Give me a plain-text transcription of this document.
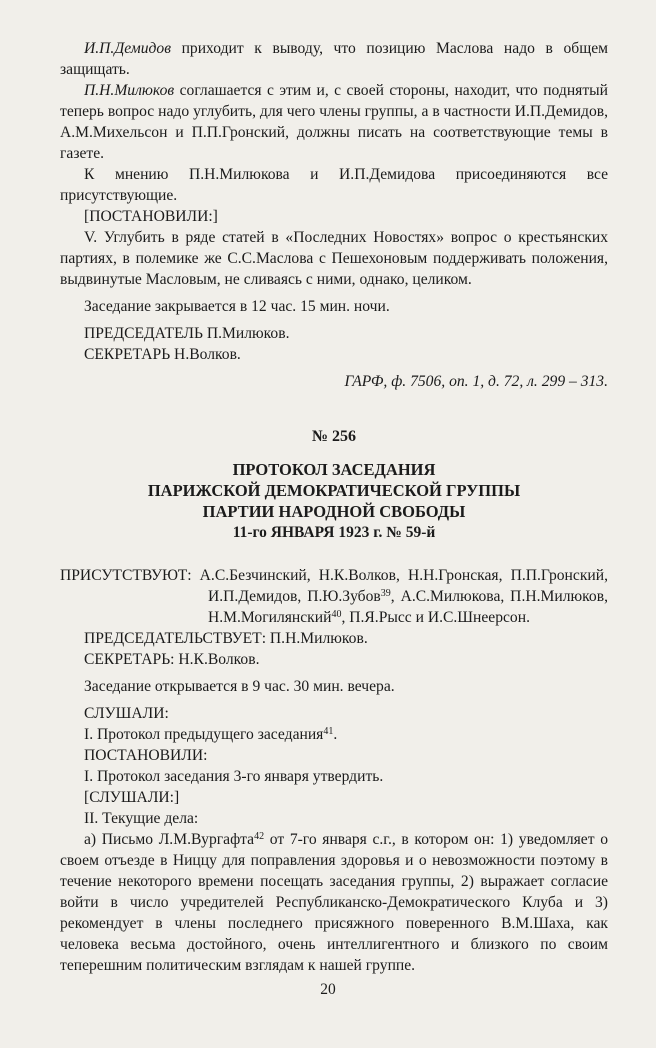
И.П.Демидов приходит к выводу, что позицию Маслова надо в общем защищать.

П.Н.Милюков соглашается с этим и, с своей стороны, находит, что поднятый теперь вопрос надо углубить, для чего члены группы, а в частности И.П.Демидов, А.М.Михельсон и П.П.Гронский, должны писать на соответствующие темы в газете.

К мнению П.Н.Милюкова и И.П.Демидова присоединяются все присутствующие.

[ПОСТАНОВИЛИ:]

V. Углубить в ряде статей в «Последних Новостях» вопрос о крестьянских партиях, в полемике же С.С.Маслова с Пешехоновым поддерживать положения, выдвинутые Масловым, не сливаясь с ними, однако, целиком.

Заседание закрывается в 12 час. 15 мин. ночи.

ПРЕДСЕДАТЕЛЬ П.Милюков.

СЕКРЕТАРЬ Н.Волков.

ГАРФ, ф. 7506, оп. 1, д. 72, л. 299 – 313.

№ 256
ПРОТОКОЛ ЗАСЕДАНИЯ
ПАРИЖСКОЙ ДЕМОКРАТИЧЕСКОЙ ГРУППЫ
ПАРТИИ НАРОДНОЙ СВОБОДЫ
11-го ЯНВАРЯ 1923 г. № 59-й

ПРИСУТСТВУЮТ: А.С.Безчинский, Н.К.Волков, Н.Н.Гронская, П.П.Гронский, И.П.Демидов, П.Ю.Зубов$^{39}$, А.С.Милюкова, П.Н.Милюков, Н.М.Могилянский$^{40}$, П.Я.Рысс и И.С.Шнеерсон.

ПРЕДСЕДАТЕЛЬСТВУЕТ: П.Н.Милюков.

СЕКРЕТАРЬ: Н.К.Волков.

Заседание открывается в 9 час. 30 мин. вечера.

СЛУШАЛИ:

I. Протокол предыдущего заседания$^{41}$.

ПОСТАНОВИЛИ:

I. Протокол заседания 3-го января утвердить.

[СЛУШАЛИ:]

II. Текущие дела:

а) Письмо Л.М.Вургафта$^{42}$ от 7-го января с.г., в котором он: 1) уведомляет о своем отъезде в Ниццу для поправления здоровья и о невозможности поэтому в течение некоторого времени посещать заседания группы, 2) выражает согласие войти в число учредителей Республиканско-Демократического Клуба и 3) рекомендует в члены последнего присяжного поверенного В.М.Шаха, как человека весьма достойного, очень интеллигентного и близкого по своим теперешним политическим взглядам к нашей группе.

20
